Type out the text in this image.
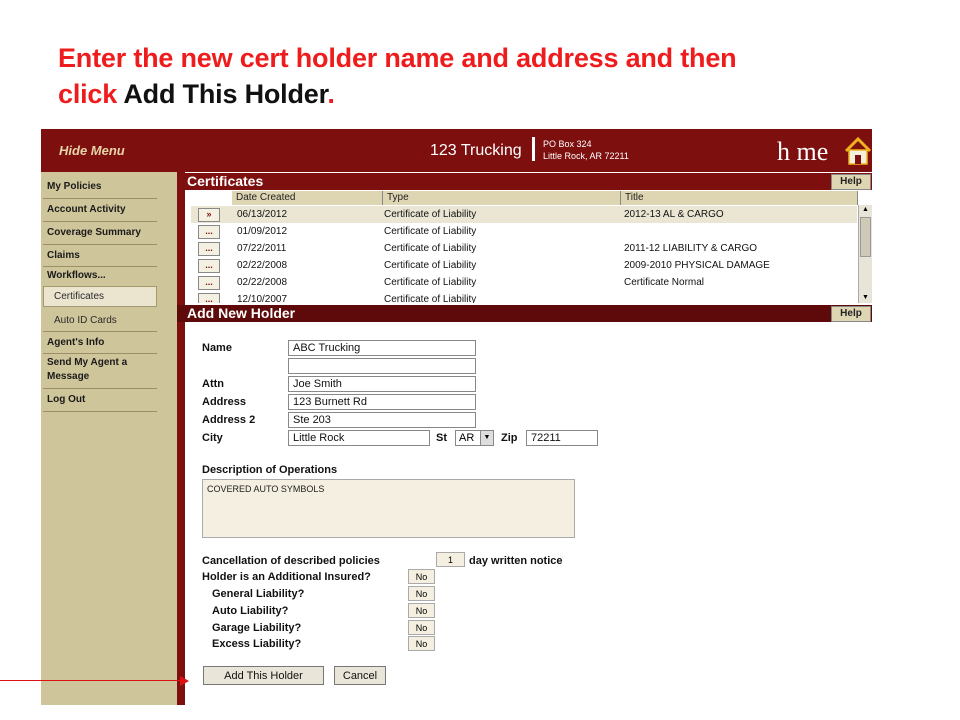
Enter the new cert holder name and address and then
click Add This Holder.
Hide Menu	123 Trucking PO Box 324
Little Rock, AR 72211	h me
My Policies
Account Activity
Coverage Summary
Claims
Workflows...
Certificates
Auto ID Cards
Agent's Info
Send My Agent a
Message
Log Out
Certificates	Help
Date Created	Type	Title
»	06/13/2012	Certificate of Liability	2012-13 AL & CARGO
...	01/09/2012	Certificate of Liability
...	07/22/2011	Certificate of Liability	2011-12 LIABILITY & CARGO
...	02/22/2008	Certificate of Liability	2009-2010 PHYSICAL DAMAGE
...	02/22/2008	Certificate of Liability	Certificate Normal
...	12/10/2007	Certificate of Liability
▲
▼
Add New Holder	Help
Name	ABC Trucking
Attn	Joe Smith
Address	123 Burnett Rd
Address 2	Ste 203
City	Little Rock	St	AR	▼ Zip	72211
Description of Operations
COVERED AUTO SYMBOLS
Cancellation of described policies	1	day written notice
Holder is an Additional Insured?	No
General Liability?	No
Auto Liability?	No
Garage Liability?	No
Excess Liability?	No
Add This Holder	Cancel
